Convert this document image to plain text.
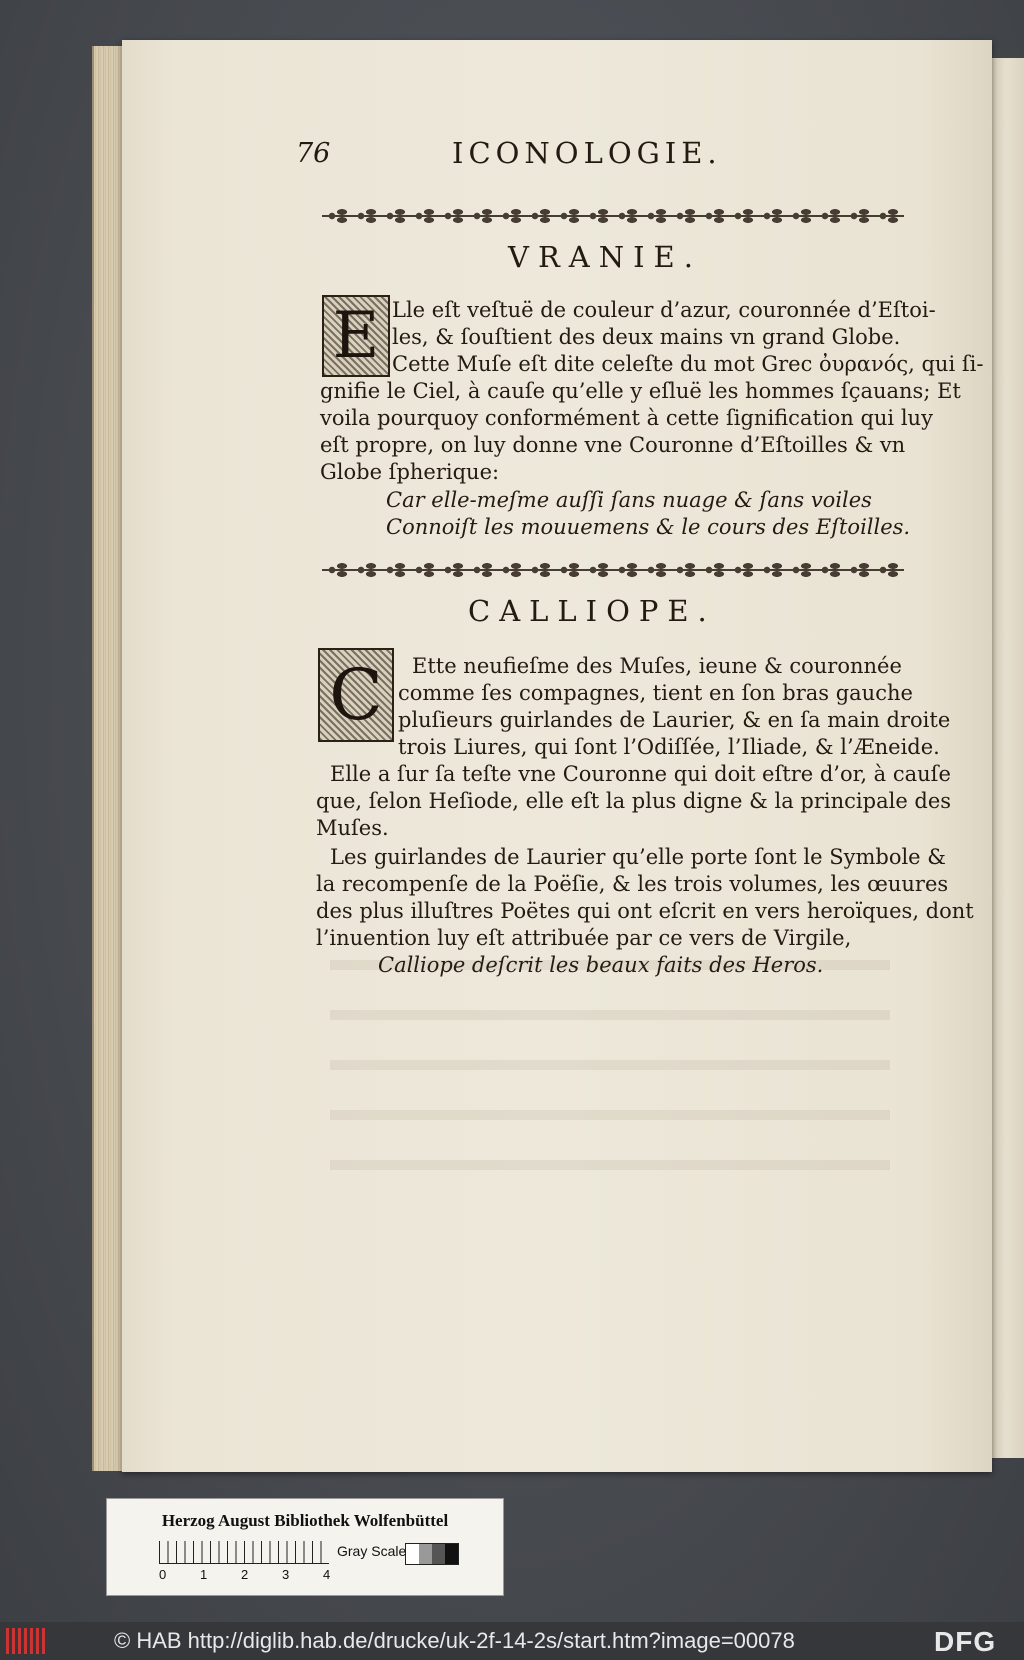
76	ICONOLOGIE.
VRANIE.
E Lle eſt veſtuë de couleur d’azur, couronnée d’Eſtoi-
les, & ſouſtient des deux mains vn grand Globe.
Cette Muſe eſt dite celeſte du mot Grec ὀυρανός, qui ſi-
gnifie le Ciel, à cauſe qu’elle y eſluë les hommes ſçauans; Et
voila pourquoy conformément à cette ſignification qui luy
eſt propre, on luy donne vne Couronne d’Eſtoilles & vn
Globe ſpherique:
Car elle-meſme auſſi ſans nuage & ſans voiles
Connoiſt les mouuemens & le cours des Eſtoilles.
CALLIOPE.
C	Ette neufieſme des Muſes, ieune & couronnée
comme ſes compagnes, tient en ſon bras gauche
pluſieurs guirlandes de Laurier, & en ſa main droite
trois Liures, qui ſont l’Odiſſée, l’Iliade, & l’Æneide.
Elle a ſur ſa teſte vne Couronne qui doit eſtre d’or, à cauſe
que, ſelon Heſiode, elle eſt la plus digne & la principale des
Muſes.
Les guirlandes de Laurier qu’elle porte ſont le Symbole &
la recompenſe de la Poëſie, & les trois volumes, les œuures
des plus illuſtres Poëtes qui ont eſcrit en vers heroïques, dont
l’inuention luy eſt attribuée par ce vers de Virgile,
Calliope deſcrit les beaux faits des Heros.
Herzog August Bibliothek Wolfenbüttel
0	1	2	3	4
Gray Scale
© HAB http://diglib.hab.de/drucke/uk-2f-14-2s/start.htm?image=00078	DFG
